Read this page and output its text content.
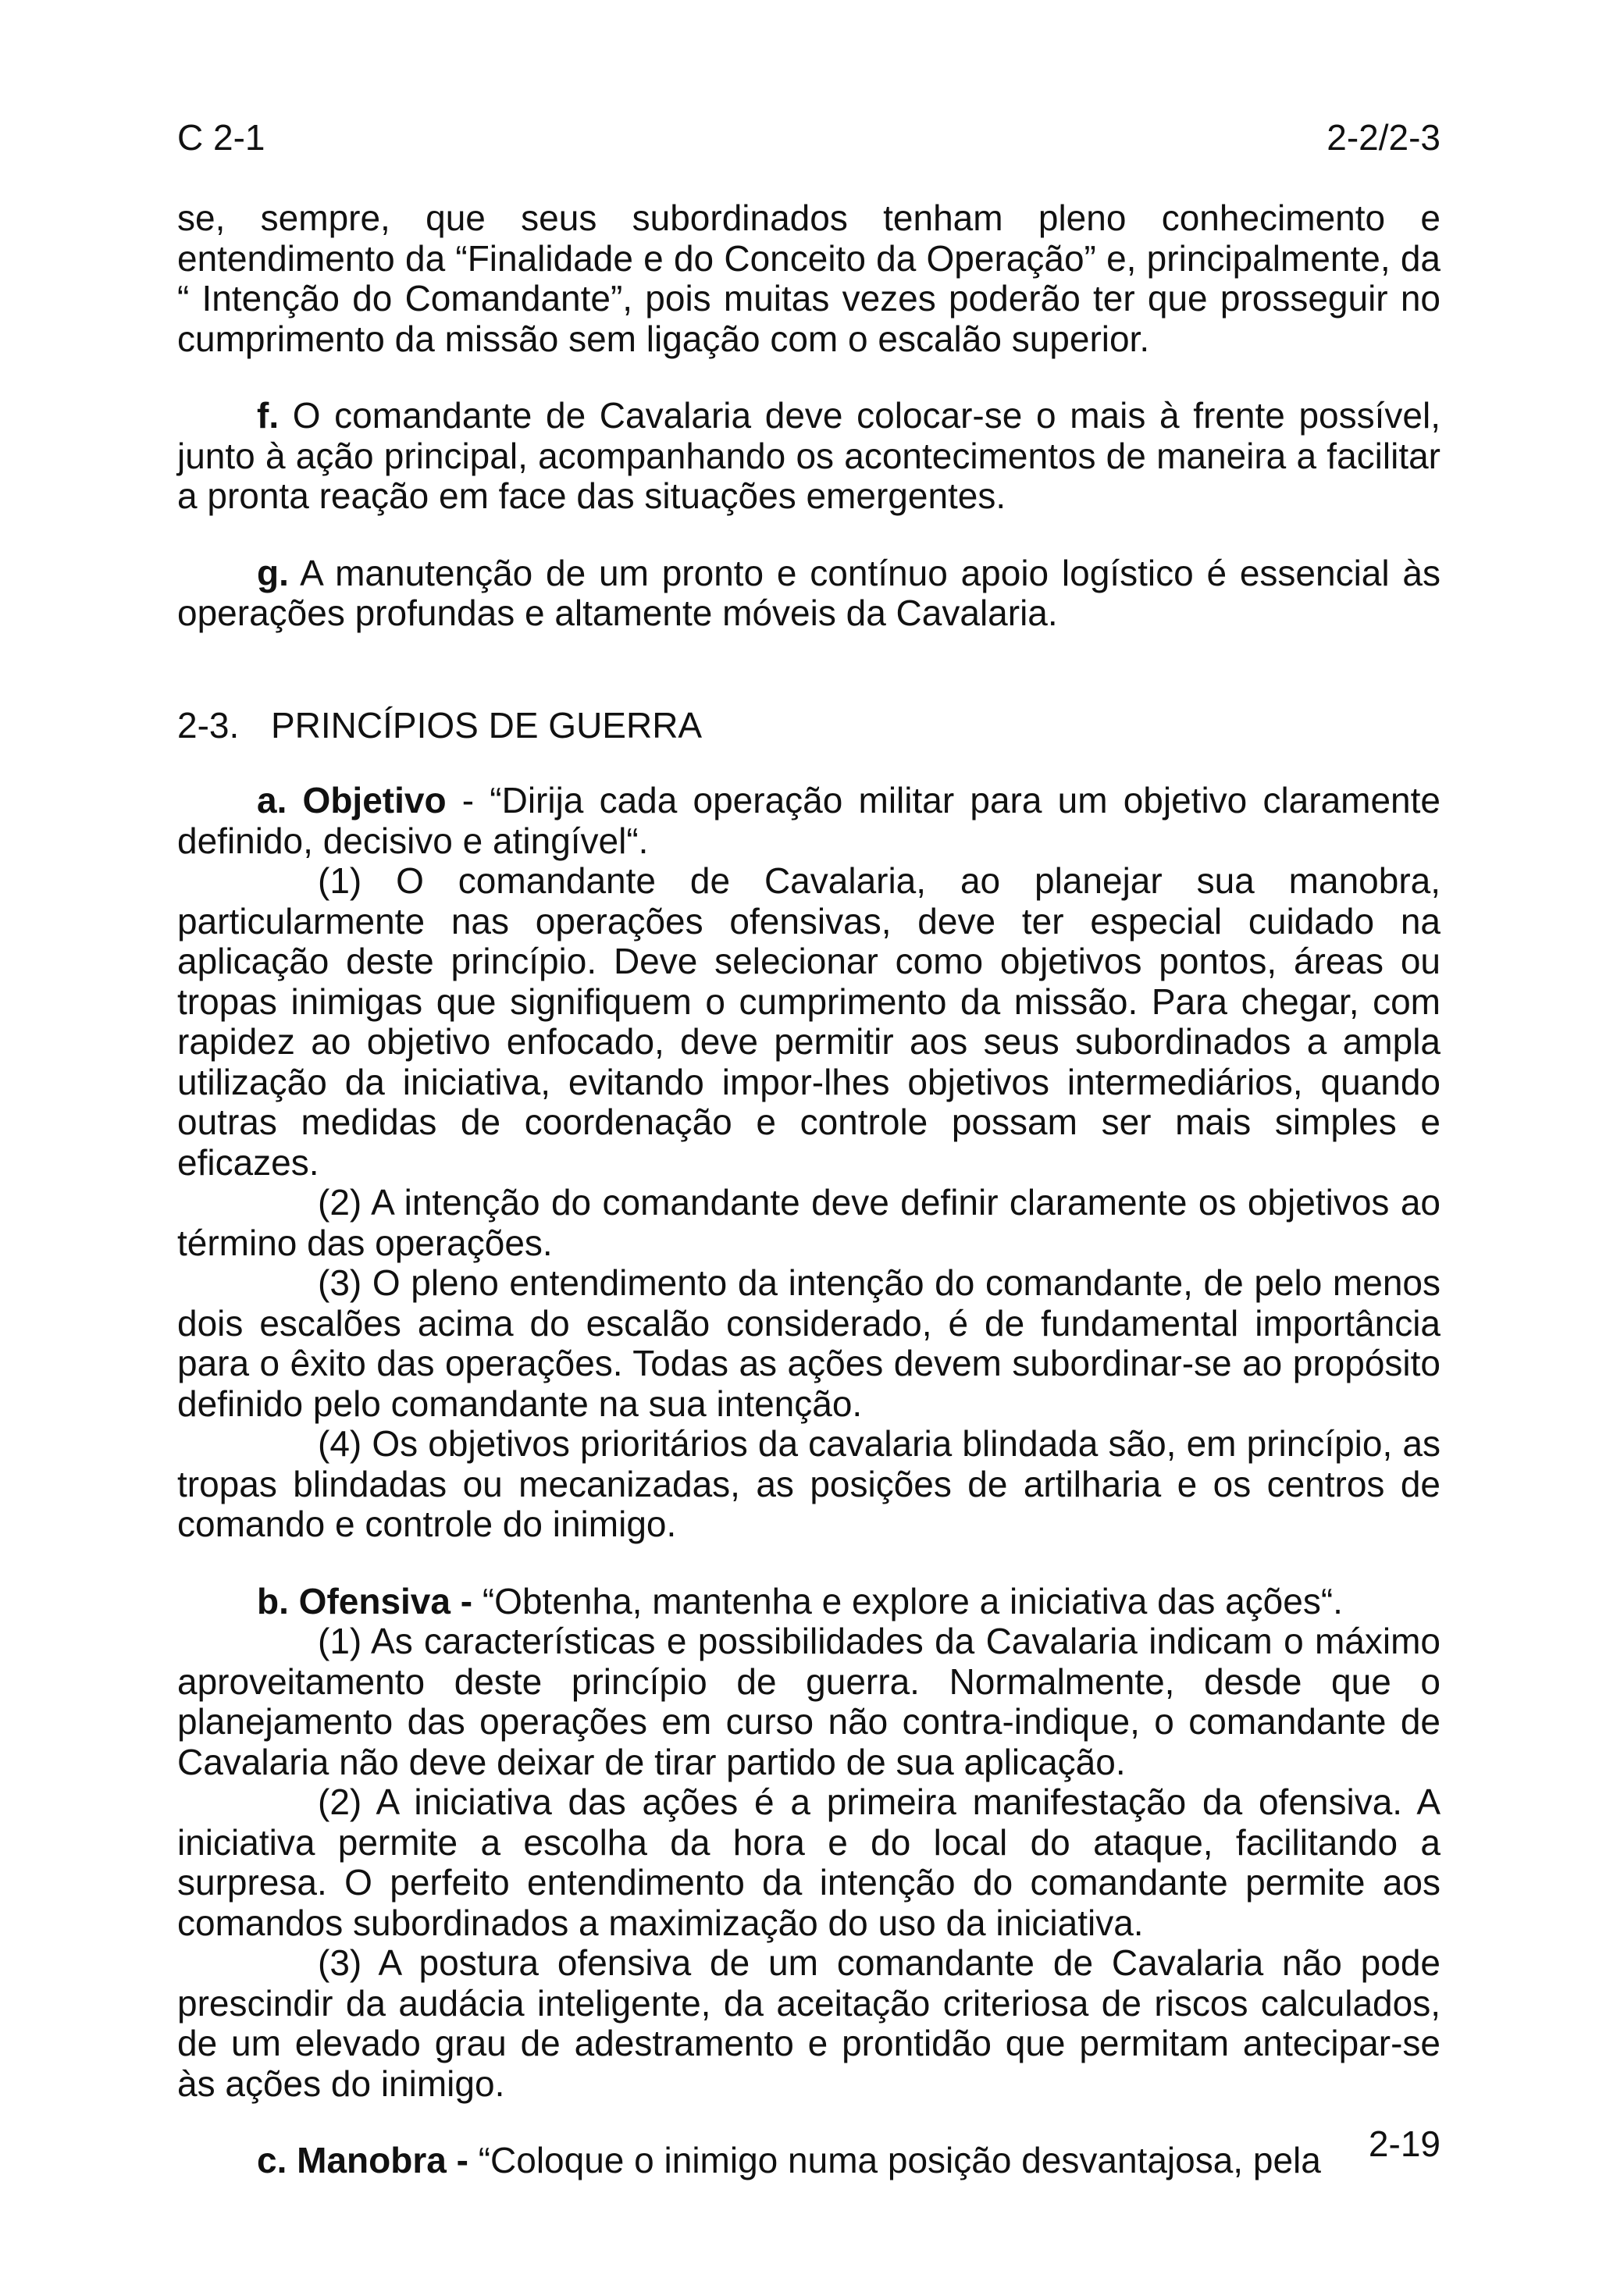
C 2-1	2-2/2-3

se, sempre, que seus subordinados tenham pleno conhecimento e entendimento da “Finalidade e do Conceito da Operação” e, principalmente, da “ Intenção do Comandante”, pois muitas vezes poderão ter que prosseguir no cumprimento da missão sem ligação com o escalão superior.

f. O comandante de Cavalaria deve colocar-se o mais à frente possível, junto à ação principal, acompanhando os acontecimentos de maneira a facilitar a pronta reação em face das situações emergentes.

g. A manutenção de um pronto e contínuo apoio logístico é essencial às operações profundas e altamente móveis da Cavalaria.

2-3. PRINCÍPIOS DE GUERRA

a. Objetivo - “Dirija cada operação militar para um objetivo claramente definido, decisivo e atingível“.

(1) O comandante de Cavalaria, ao planejar sua manobra, particularmente nas operações ofensivas, deve ter especial cuidado na aplicação deste princípio. Deve selecionar como objetivos pontos, áreas ou tropas inimigas que signifiquem o cumprimento da missão. Para chegar, com rapidez ao objetivo enfocado, deve permitir aos seus subordinados a ampla utilização da iniciativa, evitando impor-lhes objetivos intermediários, quando outras medidas de coordenação e controle possam ser mais simples e eficazes.

(2) A intenção do comandante deve definir claramente os objetivos ao término das operações.

(3) O pleno entendimento da intenção do comandante, de pelo menos dois escalões acima do escalão considerado, é de fundamental importância para o êxito das operações. Todas as ações devem subordinar-se ao propósito definido pelo comandante na sua intenção.

(4) Os objetivos prioritários da cavalaria blindada são, em princípio, as tropas blindadas ou mecanizadas, as posições de artilharia e os centros de comando e controle do inimigo.

b. Ofensiva - “Obtenha, mantenha e explore a iniciativa das ações“.

(1) As características e possibilidades da Cavalaria indicam o máximo aproveitamento deste princípio de guerra. Normalmente, desde que o planejamento das operações em curso não contra-indique, o comandante de Cavalaria não deve deixar de tirar partido de sua aplicação.

(2) A iniciativa das ações é a primeira manifestação da ofensiva. A iniciativa permite a escolha da hora e do local do ataque, facilitando a surpresa. O perfeito entendimento da intenção do comandante permite aos comandos subordinados a maximização do uso da iniciativa.

(3) A postura ofensiva de um comandante de Cavalaria não pode prescindir da audácia inteligente, da aceitação criteriosa de riscos calculados, de um elevado grau de adestramento e prontidão que permitam antecipar-se às ações do inimigo.

c. Manobra - “Coloque o inimigo numa posição desvantajosa, pela	2-19
